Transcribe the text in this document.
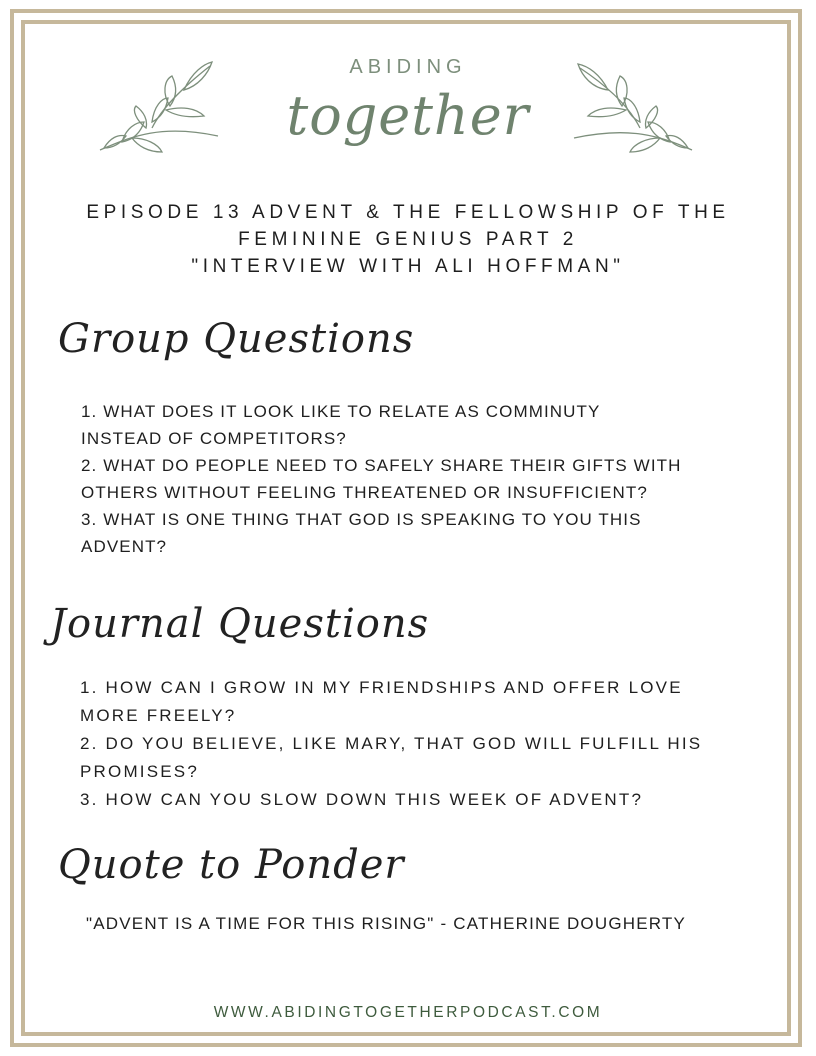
ABIDING
together
EPISODE 13 ADVENT & THE FELLOWSHIP OF THE
FEMININE GENIUS PART 2
"INTERVIEW WITH ALI HOFFMAN"
Group Questions
1. WHAT DOES IT LOOK LIKE TO RELATE AS COMMINUTY
INSTEAD OF COMPETITORS?
2. WHAT DO PEOPLE NEED TO SAFELY SHARE THEIR GIFTS WITH
OTHERS WITHOUT FEELING THREATENED OR INSUFFICIENT?
3. WHAT IS ONE THING THAT GOD IS SPEAKING TO YOU THIS
ADVENT?
Journal Questions
1. HOW CAN I GROW IN MY FRIENDSHIPS AND OFFER LOVE
MORE FREELY?
2. DO YOU BELIEVE, LIKE MARY, THAT GOD WILL FULFILL HIS
PROMISES?
3. HOW CAN YOU SLOW DOWN THIS WEEK OF ADVENT?
Quote to Ponder
"ADVENT IS A TIME FOR THIS RISING" - CATHERINE DOUGHERTY
WWW.ABIDINGTOGETHERPODCAST.COM
